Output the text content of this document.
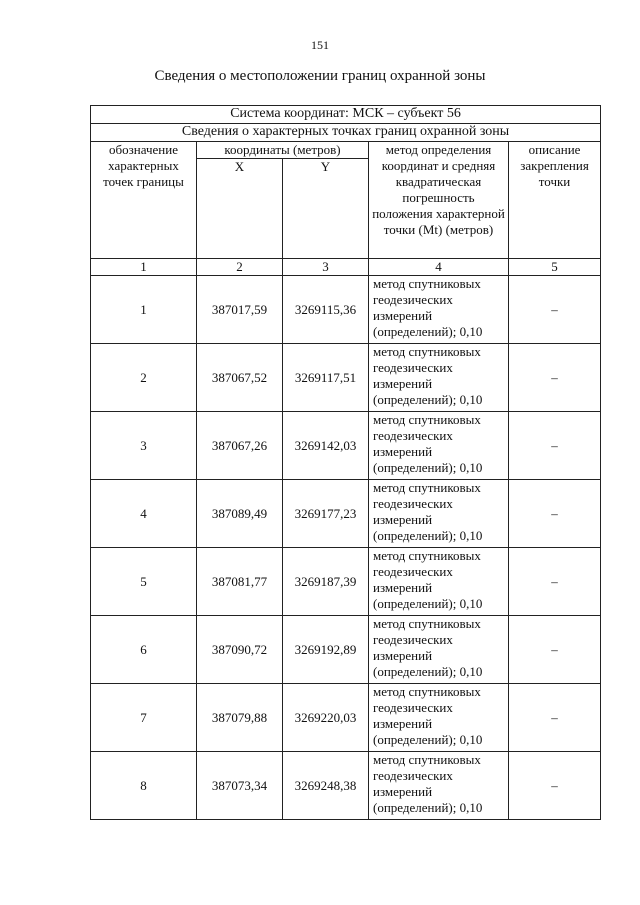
151
Сведения о местоположении границ охранной зоны
Система координат: МСК – субъект 56				
Сведения о характерных точках границ охранной зоны				
обозначение характерных точек границы	координаты (метров)		метод определения координат и средняя квадратическая погрешность положения характерной точки (Mt) (метров)	описание закрепления точки
	X	Y		
1	2	3	4	5
1	387017,59	3269115,36	метод спутниковых геодезических измерений (определений); 0,10	–
2	387067,52	3269117,51	метод спутниковых геодезических измерений (определений); 0,10	–
3	387067,26	3269142,03	метод спутниковых геодезических измерений (определений); 0,10	–
4	387089,49	3269177,23	метод спутниковых геодезических измерений (определений); 0,10	–
5	387081,77	3269187,39	метод спутниковых геодезических измерений (определений); 0,10	–
6	387090,72	3269192,89	метод спутниковых геодезических измерений (определений); 0,10	–
7	387079,88	3269220,03	метод спутниковых геодезических измерений (определений); 0,10	–
8	387073,34	3269248,38	метод спутниковых геодезических измерений (определений); 0,10	–
